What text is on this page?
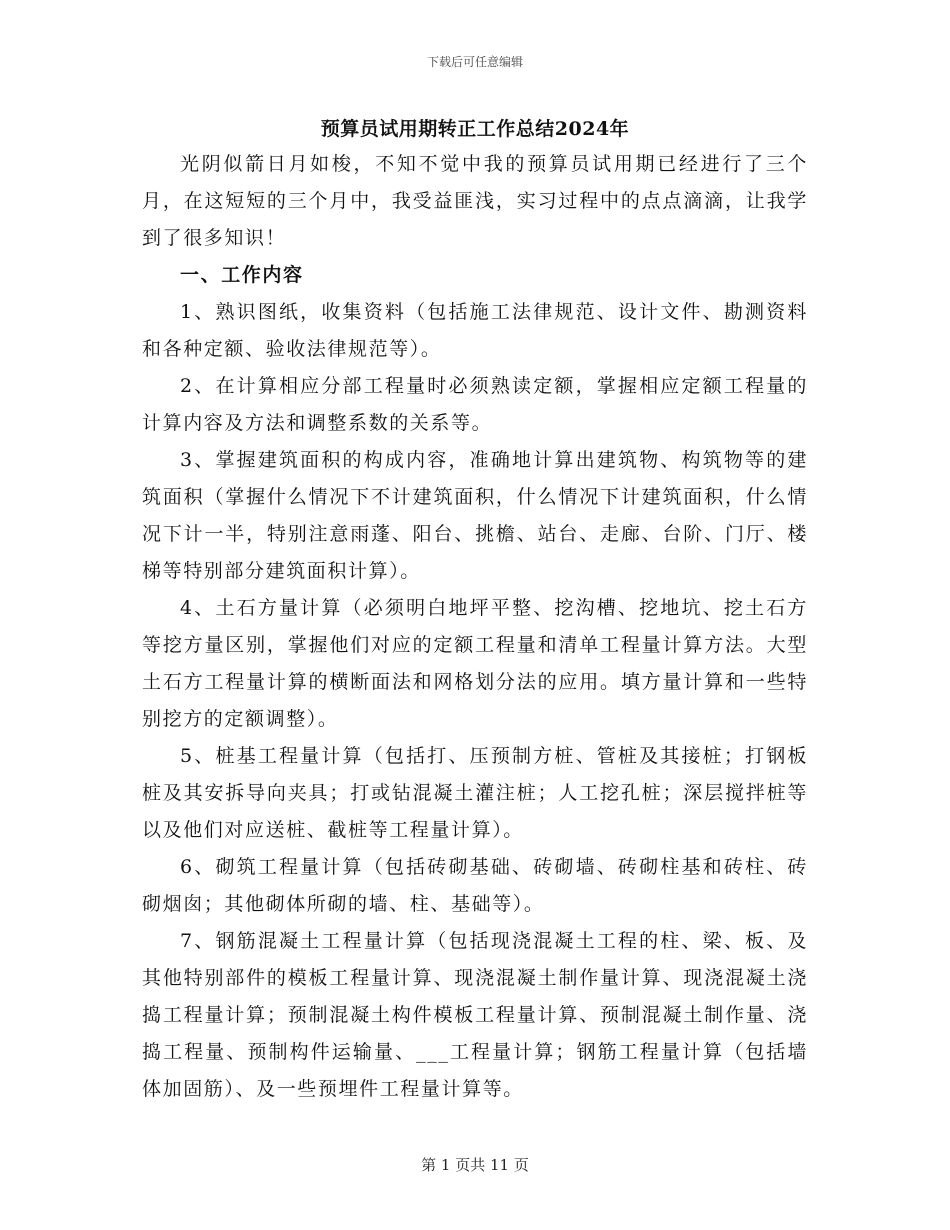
下载后可任意编辑
预算员试用期转正工作总结2024年

光阴似箭日月如梭，不知不觉中我的预算员试用期已经进行了三个月，在这短短的三个月中，我受益匪浅，实习过程中的点点滴滴，让我学到了很多知识！

一、工作内容

1、熟识图纸，收集资料（包括施工法律规范、设计文件、勘测资料和各种定额、验收法律规范等）。

2、在计算相应分部工程量时必须熟读定额，掌握相应定额工程量的计算内容及方法和调整系数的关系等。

3、掌握建筑面积的构成内容，准确地计算出建筑物、构筑物等的建筑面积（掌握什么情况下不计建筑面积，什么情况下计建筑面积，什么情况下计一半，特别注意雨蓬、阳台、挑檐、站台、走廊、台阶、门厅、楼梯等特别部分建筑面积计算）。

4、土石方量计算（必须明白地坪平整、挖沟槽、挖地坑、挖土石方等挖方量区别，掌握他们对应的定额工程量和清单工程量计算方法。大型土石方工程量计算的横断面法和网格划分法的应用。填方量计算和一些特别挖方的定额调整）。

5、桩基工程量计算（包括打、压预制方桩、管桩及其接桩；打钢板桩及其安拆导向夹具；打或钻混凝土灌注桩；人工挖孔桩；深层搅拌桩等以及他们对应送桩、截桩等工程量计算）。

6、砌筑工程量计算（包括砖砌基础、砖砌墙、砖砌柱基和砖柱、砖砌烟囱；其他砌体所砌的墙、柱、基础等）。

7、钢筋混凝土工程量计算（包括现浇混凝土工程的柱、梁、板、及其他特别部件的模板工程量计算、现浇混凝土制作量计算、现浇混凝土浇捣工程量计算；预制混凝土构件模板工程量计算、预制混凝土制作量、浇捣工程量、预制构件运输量、___工程量计算；钢筋工程量计算（包括墙体加固筋）、及一些预埋件工程量计算等。

第 1 页共 11 页
